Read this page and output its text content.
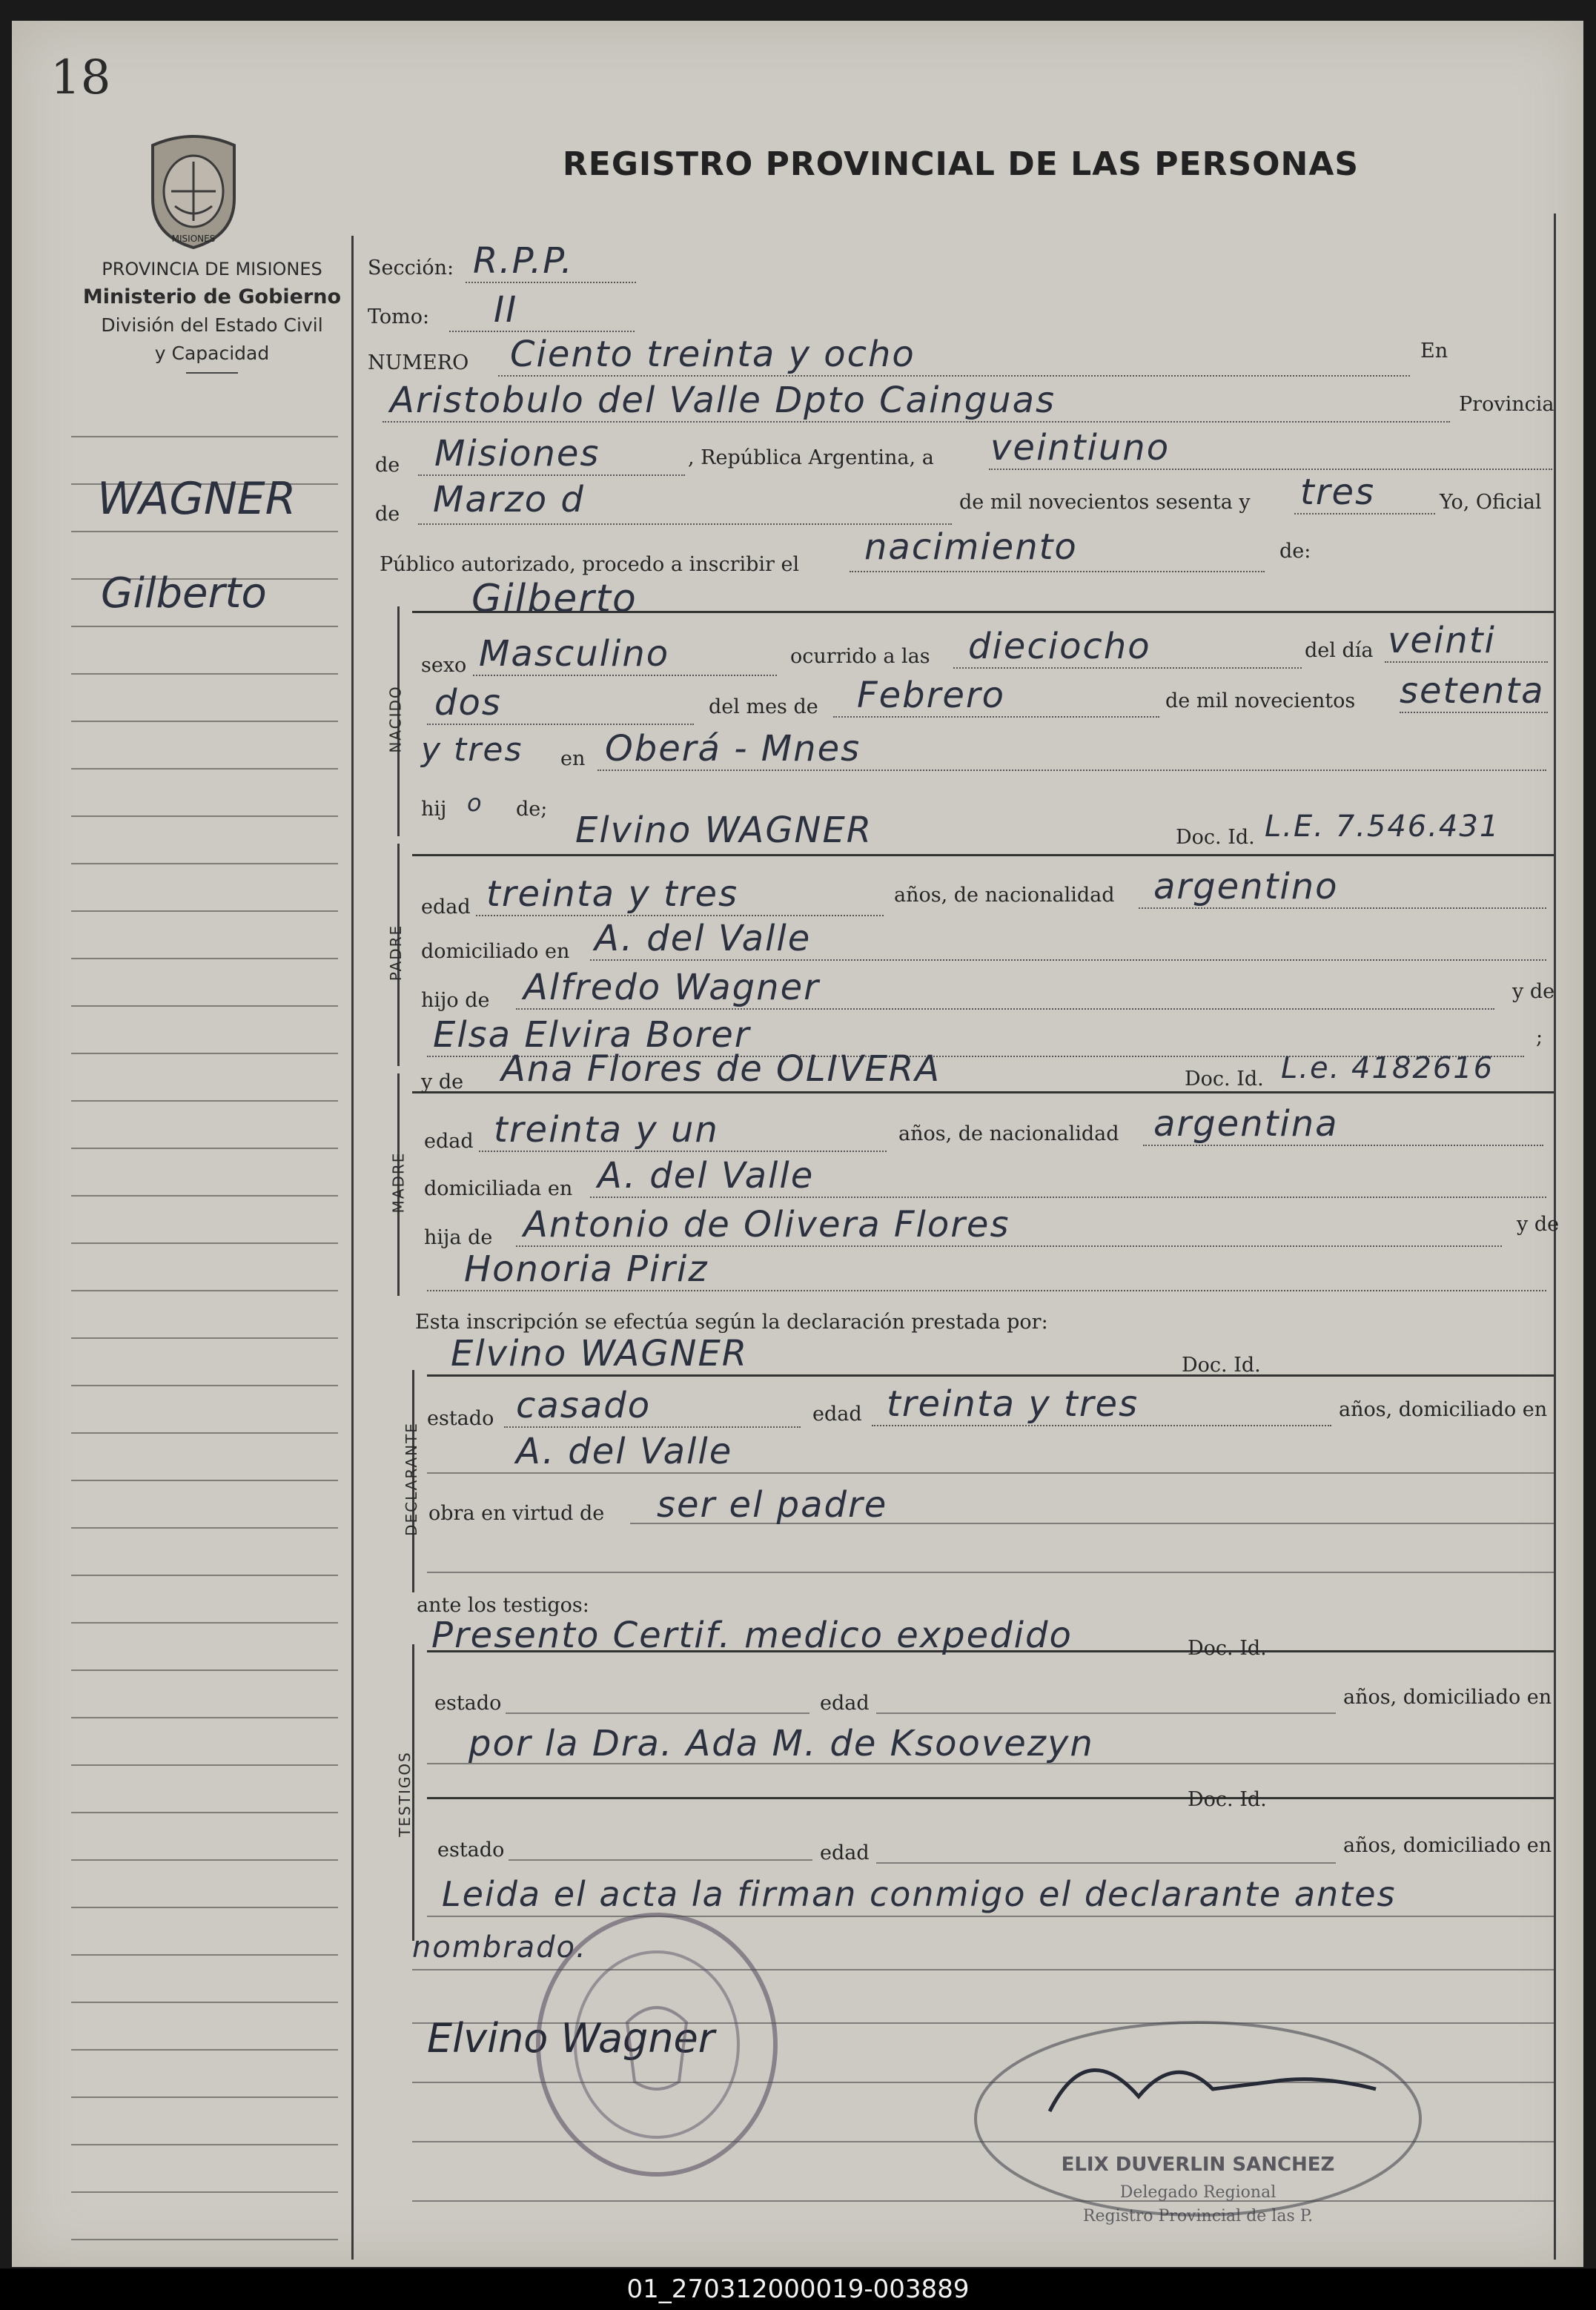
18
MISIONES
PROVINCIA DE MISIONES
Ministerio de Gobierno
División del Estado Civil
y Capacidad
REGISTRO PROVINCIAL DE LAS PERSONAS
WAGNER
Gilberto
NACIDO
PADRE
MADRE
DECLARANTE
TESTIGOS
Sección: R.P.P.
Tomo: II
NUMERO Ciento treinta y ocho	En
Aristobulo del Valle Dpto Cainguas	Provincia
de Misiones	, República Argentina, a veintiuno
de Marzo d	de mil novecientos sesenta y tres	Yo, Oficial
Público autorizado, procedo a inscribir el nacimiento	de:
Gilberto
sexo Masculino	ocurrido a las dieciocho	del día veinti
dos	del mes de Febrero	de mil novecientos setenta
y tres en Oberá - Mnes
hij o de;
Elvino WAGNER	Doc. Id. L.E. 7.546.431
edad treinta y tres	años, de nacionalidad argentino
domiciliado en A. del Valle
hijo de Alfredo Wagner	y de
Elsa Elvira Borer	;
y de Ana Flores de OLIVERA	Doc. Id. L.e. 4182616
edad treinta y un	años, de nacionalidad argentina
domiciliada en A. del Valle
hija de Antonio de Olivera Flores	y de
Honoria Piriz
Esta inscripción se efectúa según la declaración prestada por:
Elvino WAGNER	Doc. Id.
estado casado	edad treinta y tres	años, domiciliado en
A. del Valle
obra en virtud de ser el padre
ante los testigos:
Presento Certif. medico expedido	Doc. Id.
estado	edad	años, domiciliado en
por la Dra. Ada M. de Ksoovezyn
Doc. Id.
estado	edad	años, domiciliado en
Leida el acta la firman conmigo el declarante antes
nombrado.
Elvino Wagner
ELIX DUVERLIN SANCHEZ
Delegado Regional
Registro Provincial de las P.
01_270312000019-003889
